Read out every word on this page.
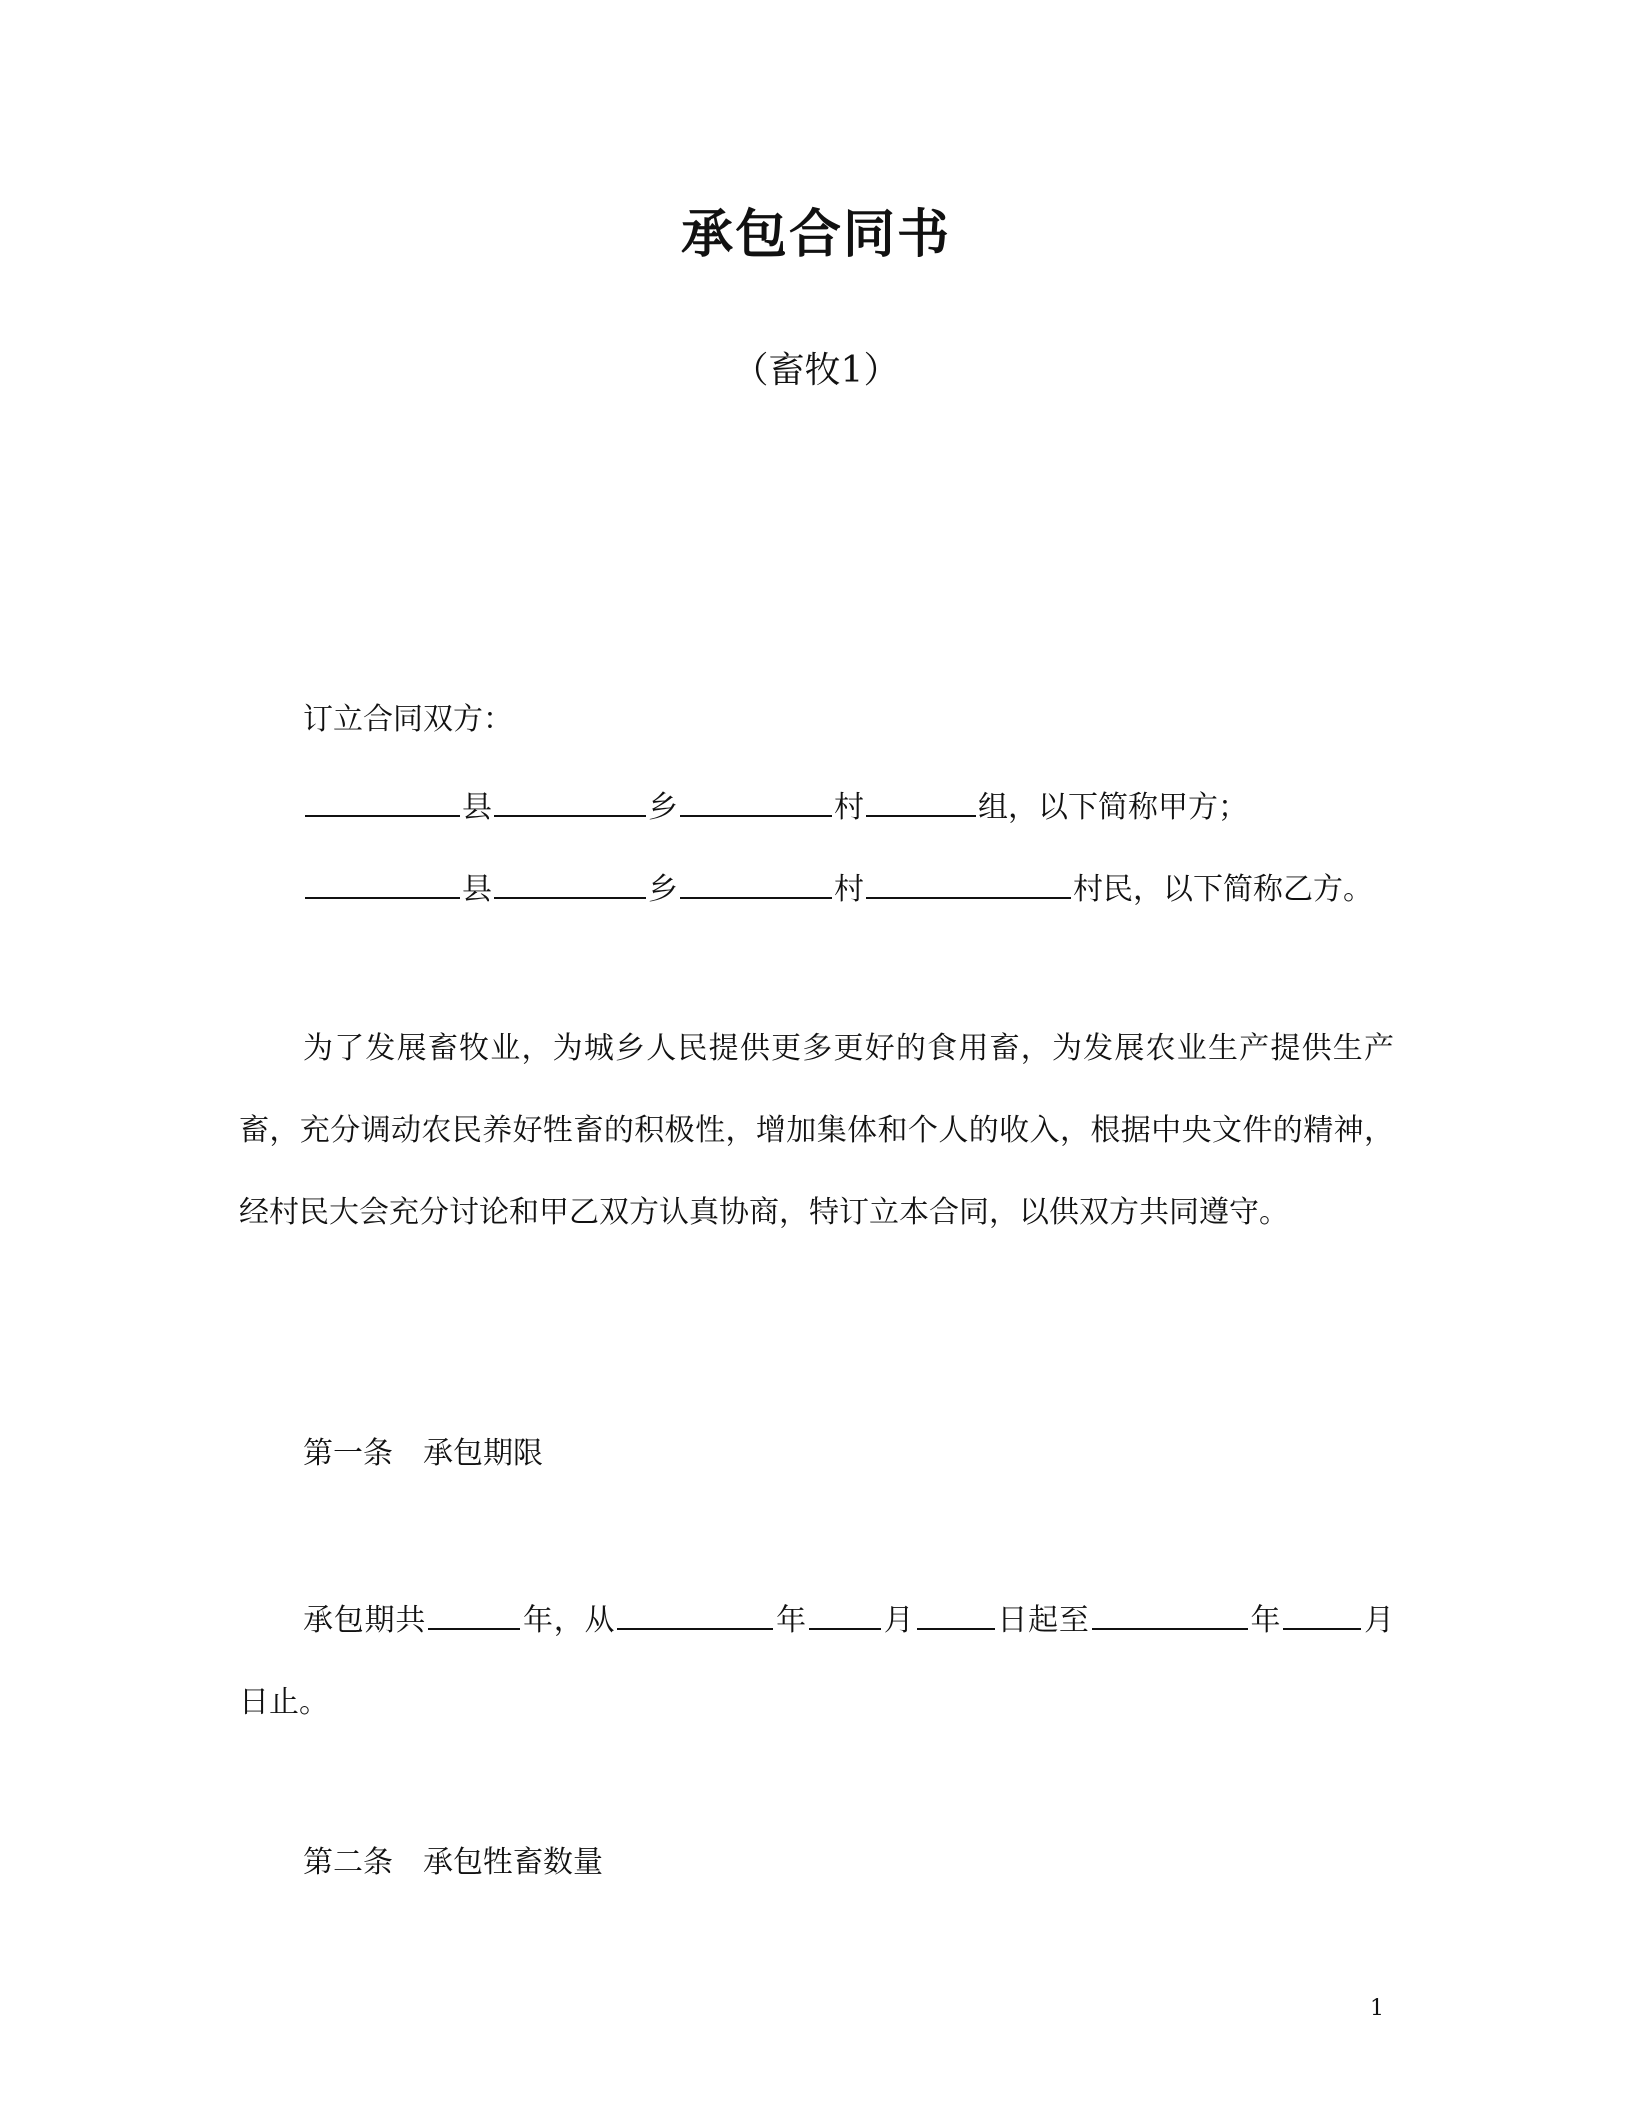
承包合同书
（畜牧1）
订立合同双方：
县	乡	村	组，以下简称甲方；
县	乡	村	村民，以下简称乙方。
为了发展畜牧业，为城乡人民提供更多更好的食用畜，为发展农业生产提供生产畜，充分调动农民养好牲畜的积极性，增加集体和个人的收入，根据中央文件的精神，经村民大会充分讨论和甲乙双方认真协商，特订立本合同，以供双方共同遵守。
第一条　承包期限
承包期共	年，从	年	月	日起至	年	月日止。
第二条　承包牲畜数量
1
